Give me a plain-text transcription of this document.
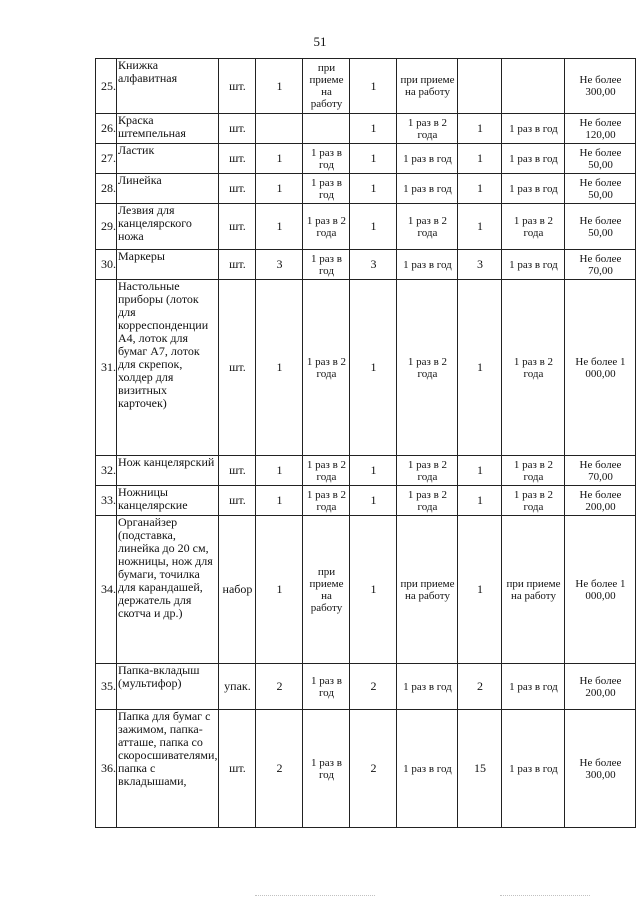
51
25.	Книжка алфавитная	шт.	1	при приеме на работу	1	при приеме на работу			Не более 300,00
26.	Краска штемпельная	шт.			1	1 раз в 2 года	1	1 раз в год	Не более 120,00
27.	Ластик	шт.	1	1 раз в год	1	1 раз в год	1	1 раз в год	Не более 50,00
28.	Линейка	шт.	1	1 раз в год	1	1 раз в год	1	1 раз в год	Не более 50,00
29.	Лезвия для канцелярского ножа	шт.	1	1 раз в 2 года	1	1 раз в 2 года	1	1 раз в 2 года	Не более 50,00
30.	Маркеры	шт.	3	1 раз в год	3	1 раз в год	3	1 раз в год	Не более 70,00
31.	Настольные приборы (лоток для корреспонденции А4, лоток для бумаг А7, лоток для скрепок, холдер для визитных карточек)	шт.	1	1 раз в 2 года	1	1 раз в 2 года	1	1 раз в 2 года	Не более 1 000,00
32.	Нож канцелярский	шт.	1	1 раз в 2 года	1	1 раз в 2 года	1	1 раз в 2 года	Не более 70,00
33.	Ножницы канцелярские	шт.	1	1 раз в 2 года	1	1 раз в 2 года	1	1 раз в 2 года	Не более 200,00
34.	Органайзер (подставка, линейка до 20 см, ножницы, нож для бумаги, точилка для карандашей, держатель для скотча и др.)	набор	1	при приеме на работу	1	при приеме на работу	1	при приеме на работу	Не более 1 000,00
35.	Папка-вкладыш (мультифор)	упак.	2	1 раз в год	2	1 раз в год	2	1 раз в год	Не более 200,00
36.	Папка для бумаг с зажимом, папка-атташе, папка со скоросшивателями, папка с вкладышами,	шт.	2	1 раз в год	2	1 раз в год	15	1 раз в год	Не более 300,00
